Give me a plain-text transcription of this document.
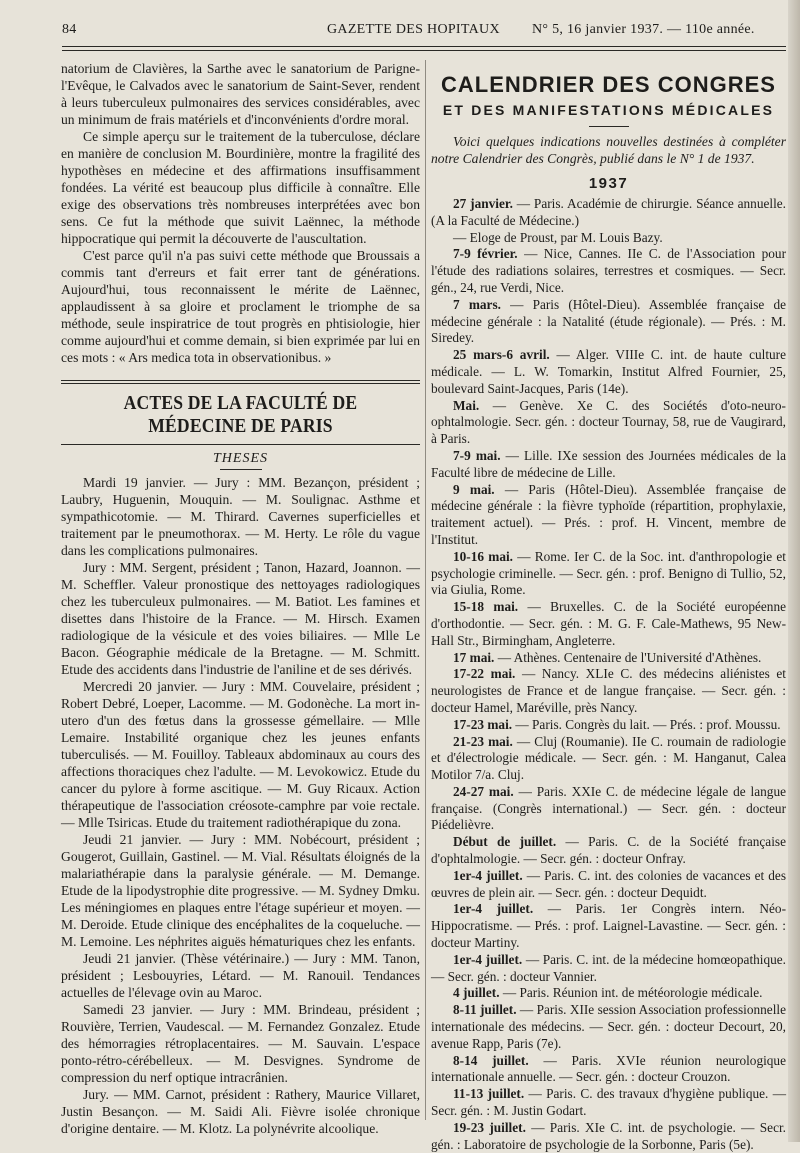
84	GAZETTE DES HOPITAUX N° 5, 16 janvier 1937. — 110e année.

natorium de Clavières, la Sarthe avec le sanatorium de Parigne-l'Evêque, le Calvados avec le sanatorium de Saint-Sever, rendent à leurs tuberculeux pulmonaires des services considérables, avec un minimum de frais matériels et d'inconvénients d'ordre moral.

Ce simple aperçu sur le traitement de la tuberculose, déclare en manière de conclusion M. Bourdinière, montre la fragilité des hypothèses en médecine et des affirmations insuffisamment fondées. La vérité est beaucoup plus difficile à connaître. Elle exige des observations très nombreuses interprétées avec bon sens. Ce fut la méthode que suivit Laënnec, la méthode hippocratique qui permit la découverte de l'auscultation.

C'est parce qu'il n'a pas suivi cette méthode que Broussais a commis tant d'erreurs et fait errer tant de générations. Aujourd'hui, tous reconnaissent le mérite de Laënnec, applaudissent à sa gloire et proclament le triomphe de sa méthode, seule inspiratrice de tout progrès en phtisiologie, hier comme aujourd'hui et comme demain, si bien exprimée par lui en ces mots : « Ars medica tota in observationibus. »

ACTES DE LA FACULTÉ DE MÉDECINE DE PARIS
THESES

Mardi 19 janvier. — Jury : MM. Bezançon, président ; Laubry, Huguenin, Mouquin. — M. Soulignac. Asthme et sympathicotomie. — M. Thirard. Cavernes superficielles et traitement par le pneumothorax. — M. Herty. Le rôle du vague dans les complications pulmonaires.

Jury : MM. Sergent, président ; Tanon, Hazard, Joannon. — M. Scheffler. Valeur pronostique des nettoyages radiologiques chez les tuberculeux pulmonaires. — M. Batiot. Les famines et disettes dans l'histoire de la France. — M. Hirsch. Examen radiologique de la vésicule et des voies biliaires. — Mlle Le Bacon. Géographie médicale de la Bretagne. — M. Schmitt. Etude des accidents dans l'industrie de l'aniline et de ses dérivés.

Mercredi 20 janvier. — Jury : MM. Couvelaire, président ; Robert Debré, Loeper, Lacomme. — M. Godonèche. La mort in-utero d'un des fœtus dans la grossesse gémellaire. — Mlle Lemaire. Instabilité organique chez les jeunes enfants tuberculisés. — M. Fouilloy. Tableaux abdominaux au cours des affections thoraciques chez l'adulte. — M. Levokowicz. Etude du cancer du pylore à forme ascitique. — M. Guy Ricaux. Action thérapeutique de l'association créosote-camphre par voie rectale. — Mlle Tsiricas. Etude du traitement radiothérapique du zona.

Jeudi 21 janvier. — Jury : MM. Nobécourt, président ; Gougerot, Guillain, Gastinel. — M. Vial. Résultats éloignés de la malariathérapie dans la paralysie générale. — M. Demange. Etude de la lipodystrophie dite progressive. — M. Sydney Dmku. Les méningiomes en plaques entre l'étage supérieur et moyen. — M. Deroide. Etude clinique des encéphalites de la coqueluche. — M. Lemoine. Les néphrites aiguës hématuriques chez les enfants.

Jeudi 21 janvier. (Thèse vétérinaire.) — Jury : MM. Tanon, président ; Lesbouyries, Létard. — M. Ranouil. Tendances actuelles de l'élevage ovin au Maroc.

Samedi 23 janvier. — Jury : MM. Brindeau, président ; Rouvière, Terrien, Vaudescal. — M. Fernandez Gonzalez. Etude des hémorragies rétroplacentaires. — M. Sauvain. L'espace ponto-rétro-cérébelleux. — M. Desvignes. Syndrome de compression du nerf optique intracrânien.

Jury. — MM. Carnot, président : Rathery, Maurice Villaret, Justin Besançon. — M. Saidi Ali. Fièvre isolée chronique d'origine dentaire. — M. Klotz. La polynévrite alcoolique.

CALENDRIER DES CONGRES
ET DES MANIFESTATIONS MÉDICALES

Voici quelques indications nouvelles destinées à compléter notre Calendrier des Congrès, publié dans le N° 1 de 1937.

1937

27 janvier. — Paris. Académie de chirurgie. Séance annuelle. (A la Faculté de Médecine.)

— Eloge de Proust, par M. Louis Bazy.

7-9 février. — Nice, Cannes. IIe C. de l'Association pour l'étude des radiations solaires, terrestres et cosmiques. — Secr. gén., 24, rue Verdi, Nice.

7 mars. — Paris (Hôtel-Dieu). Assemblée française de médecine générale : la Natalité (étude régionale). — Prés. : M. Siredey.

25 mars-6 avril. — Alger. VIIIe C. int. de haute culture médicale. — L. W. Tomarkin, Institut Alfred Fournier, 25, boulevard Saint-Jacques, Paris (14e).

Mai. — Genève. Xe C. des Sociétés d'oto-neuro-ophtalmologie. Secr. gén. : docteur Tournay, 58, rue de Vaugirard, à Paris.

7-9 mai. — Lille. IXe session des Journées médicales de la Faculté libre de médecine de Lille.

9 mai. — Paris (Hôtel-Dieu). Assemblée française de médecine générale : la fièvre typhoïde (répartition, prophylaxie, traitement actuel). — Prés. : prof. H. Vincent, membre de l'Institut.

10-16 mai. — Rome. Ier C. de la Soc. int. d'anthropologie et psychologie criminelle. — Secr. gén. : prof. Benigno di Tullio, 52, via Giulia, Rome.

15-18 mai. — Bruxelles. C. de la Société européenne d'orthodontie. — Secr. gén. : M. G. F. Cale-Mathews, 95 New-Hall Str., Birmingham, Angleterre.

17 mai. — Athènes. Centenaire de l'Université d'Athènes.

17-22 mai. — Nancy. XLIe C. des médecins aliénistes et neurologistes de France et de langue française. — Secr. gén. : docteur Hamel, Maréville, près Nancy.

17-23 mai. — Paris. Congrès du lait. — Prés. : prof. Moussu.

21-23 mai. — Cluj (Roumanie). IIe C. roumain de radiologie et d'électrologie médicale. — Secr. gén. : M. Hanganut, Calea Motilor 7/a. Cluj.

24-27 mai. — Paris. XXIe C. de médecine légale de langue française. (Congrès international.) — Secr. gén. : docteur Piédelièvre.

Début de juillet. — Paris. C. de la Société française d'ophtalmologie. — Secr. gén. : docteur Onfray.

1er-4 juillet. — Paris. C. int. des colonies de vacances et des œuvres de plein air. — Secr. gén. : docteur Dequidt.

1er-4 juillet. — Paris. 1er Congrès intern. Néo-Hippocratisme. — Prés. : prof. Laignel-Lavastine. — Secr. gén. : docteur Martiny.

1er-4 juillet. — Paris. C. int. de la médecine homœopathique. — Secr. gén. : docteur Vannier.

4 juillet. — Paris. Réunion int. de météorologie médicale.

8-11 juillet. — Paris. XIIe session Association professionnelle internationale des médecins. — Secr. gén. : docteur Decourt, 20, avenue Rapp, Paris (7e).

8-14 juillet. — Paris. XVIe réunion neurologique internationale annuelle. — Secr. gén. : docteur Crouzon.

11-13 juillet. — Paris. C. des travaux d'hygiène publique. — Secr. gén. : M. Justin Godart.

19-23 juillet. — Paris. XIe C. int. de psychologie. — Secr. gén. : Laboratoire de psychologie de la Sorbonne, Paris (5e).
